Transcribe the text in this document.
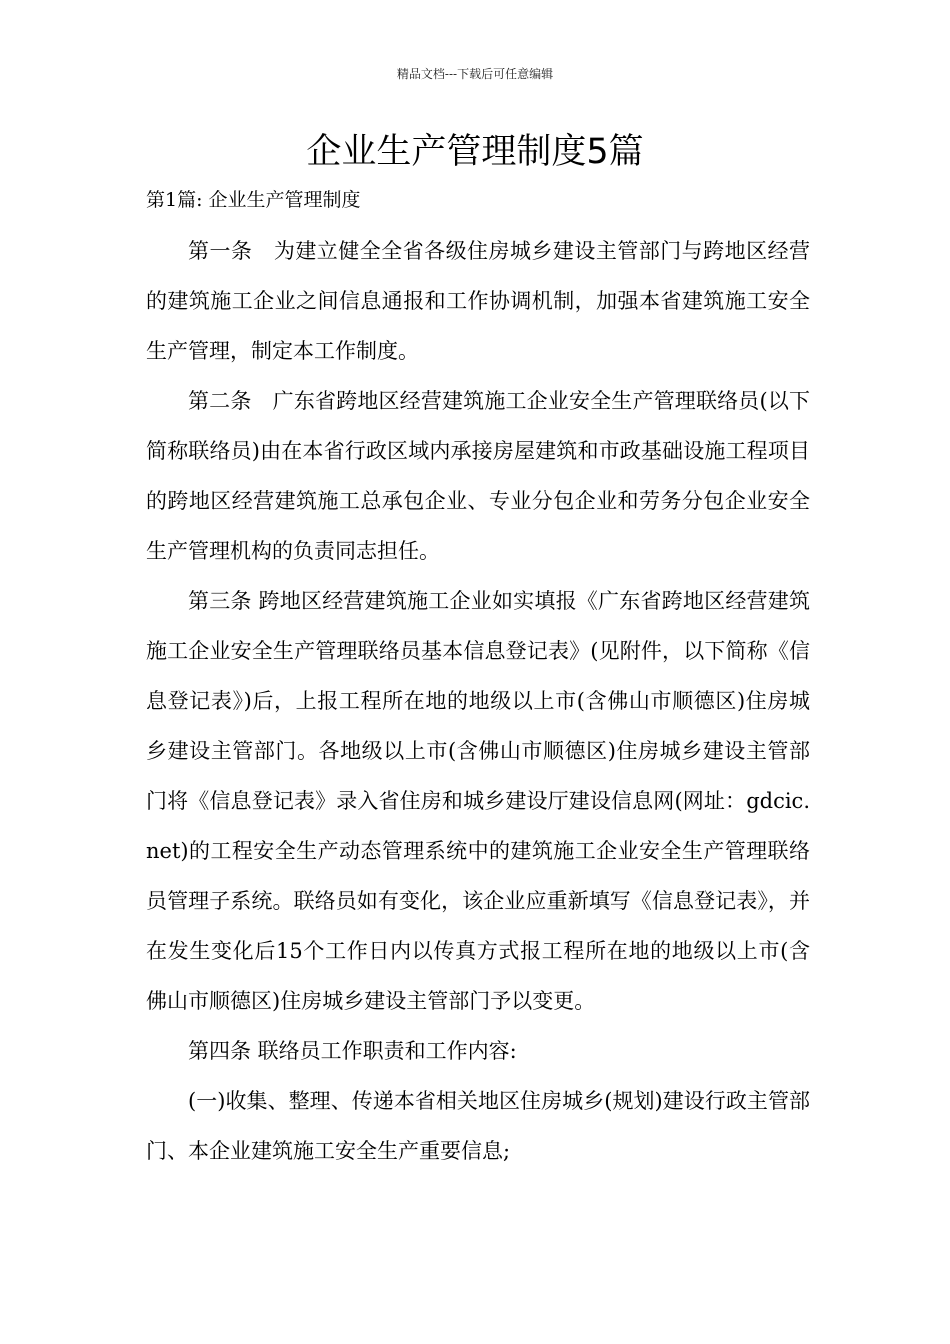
精品文档---下载后可任意编辑
企业生产管理制度5篇
第1篇: 企业生产管理制度

第一条　为建立健全全省各级住房城乡建设主管部门与跨地区经营的建筑施工企业之间信息通报和工作协调机制，加强本省建筑施工安全生产管理，制定本工作制度。

第二条　广东省跨地区经营建筑施工企业安全生产管理联络员(以下简称联络员)由在本省行政区域内承接房屋建筑和市政基础设施工程项目的跨地区经营建筑施工总承包企业、专业分包企业和劳务分包企业安全生产管理机构的负责同志担任。

第三条 跨地区经营建筑施工企业如实填报《广东省跨地区经营建筑施工企业安全生产管理联络员基本信息登记表》(见附件，以下简称《信息登记表》)后，上报工程所在地的地级以上市(含佛山市顺德区)住房城乡建设主管部门。各地级以上市(含佛山市顺德区)住房城乡建设主管部门将《信息登记表》录入省住房和城乡建设厅建设信息网(网址：gdcic.net)的工程安全生产动态管理系统中的建筑施工企业安全生产管理联络员管理子系统。联络员如有变化，该企业应重新填写《信息登记表》，并在发生变化后15个工作日内以传真方式报工程所在地的地级以上市(含佛山市顺德区)住房城乡建设主管部门予以变更。

第四条 联络员工作职责和工作内容:

(一)收集、整理、传递本省相关地区住房城乡(规划)建设行政主管部门、本企业建筑施工安全生产重要信息;
